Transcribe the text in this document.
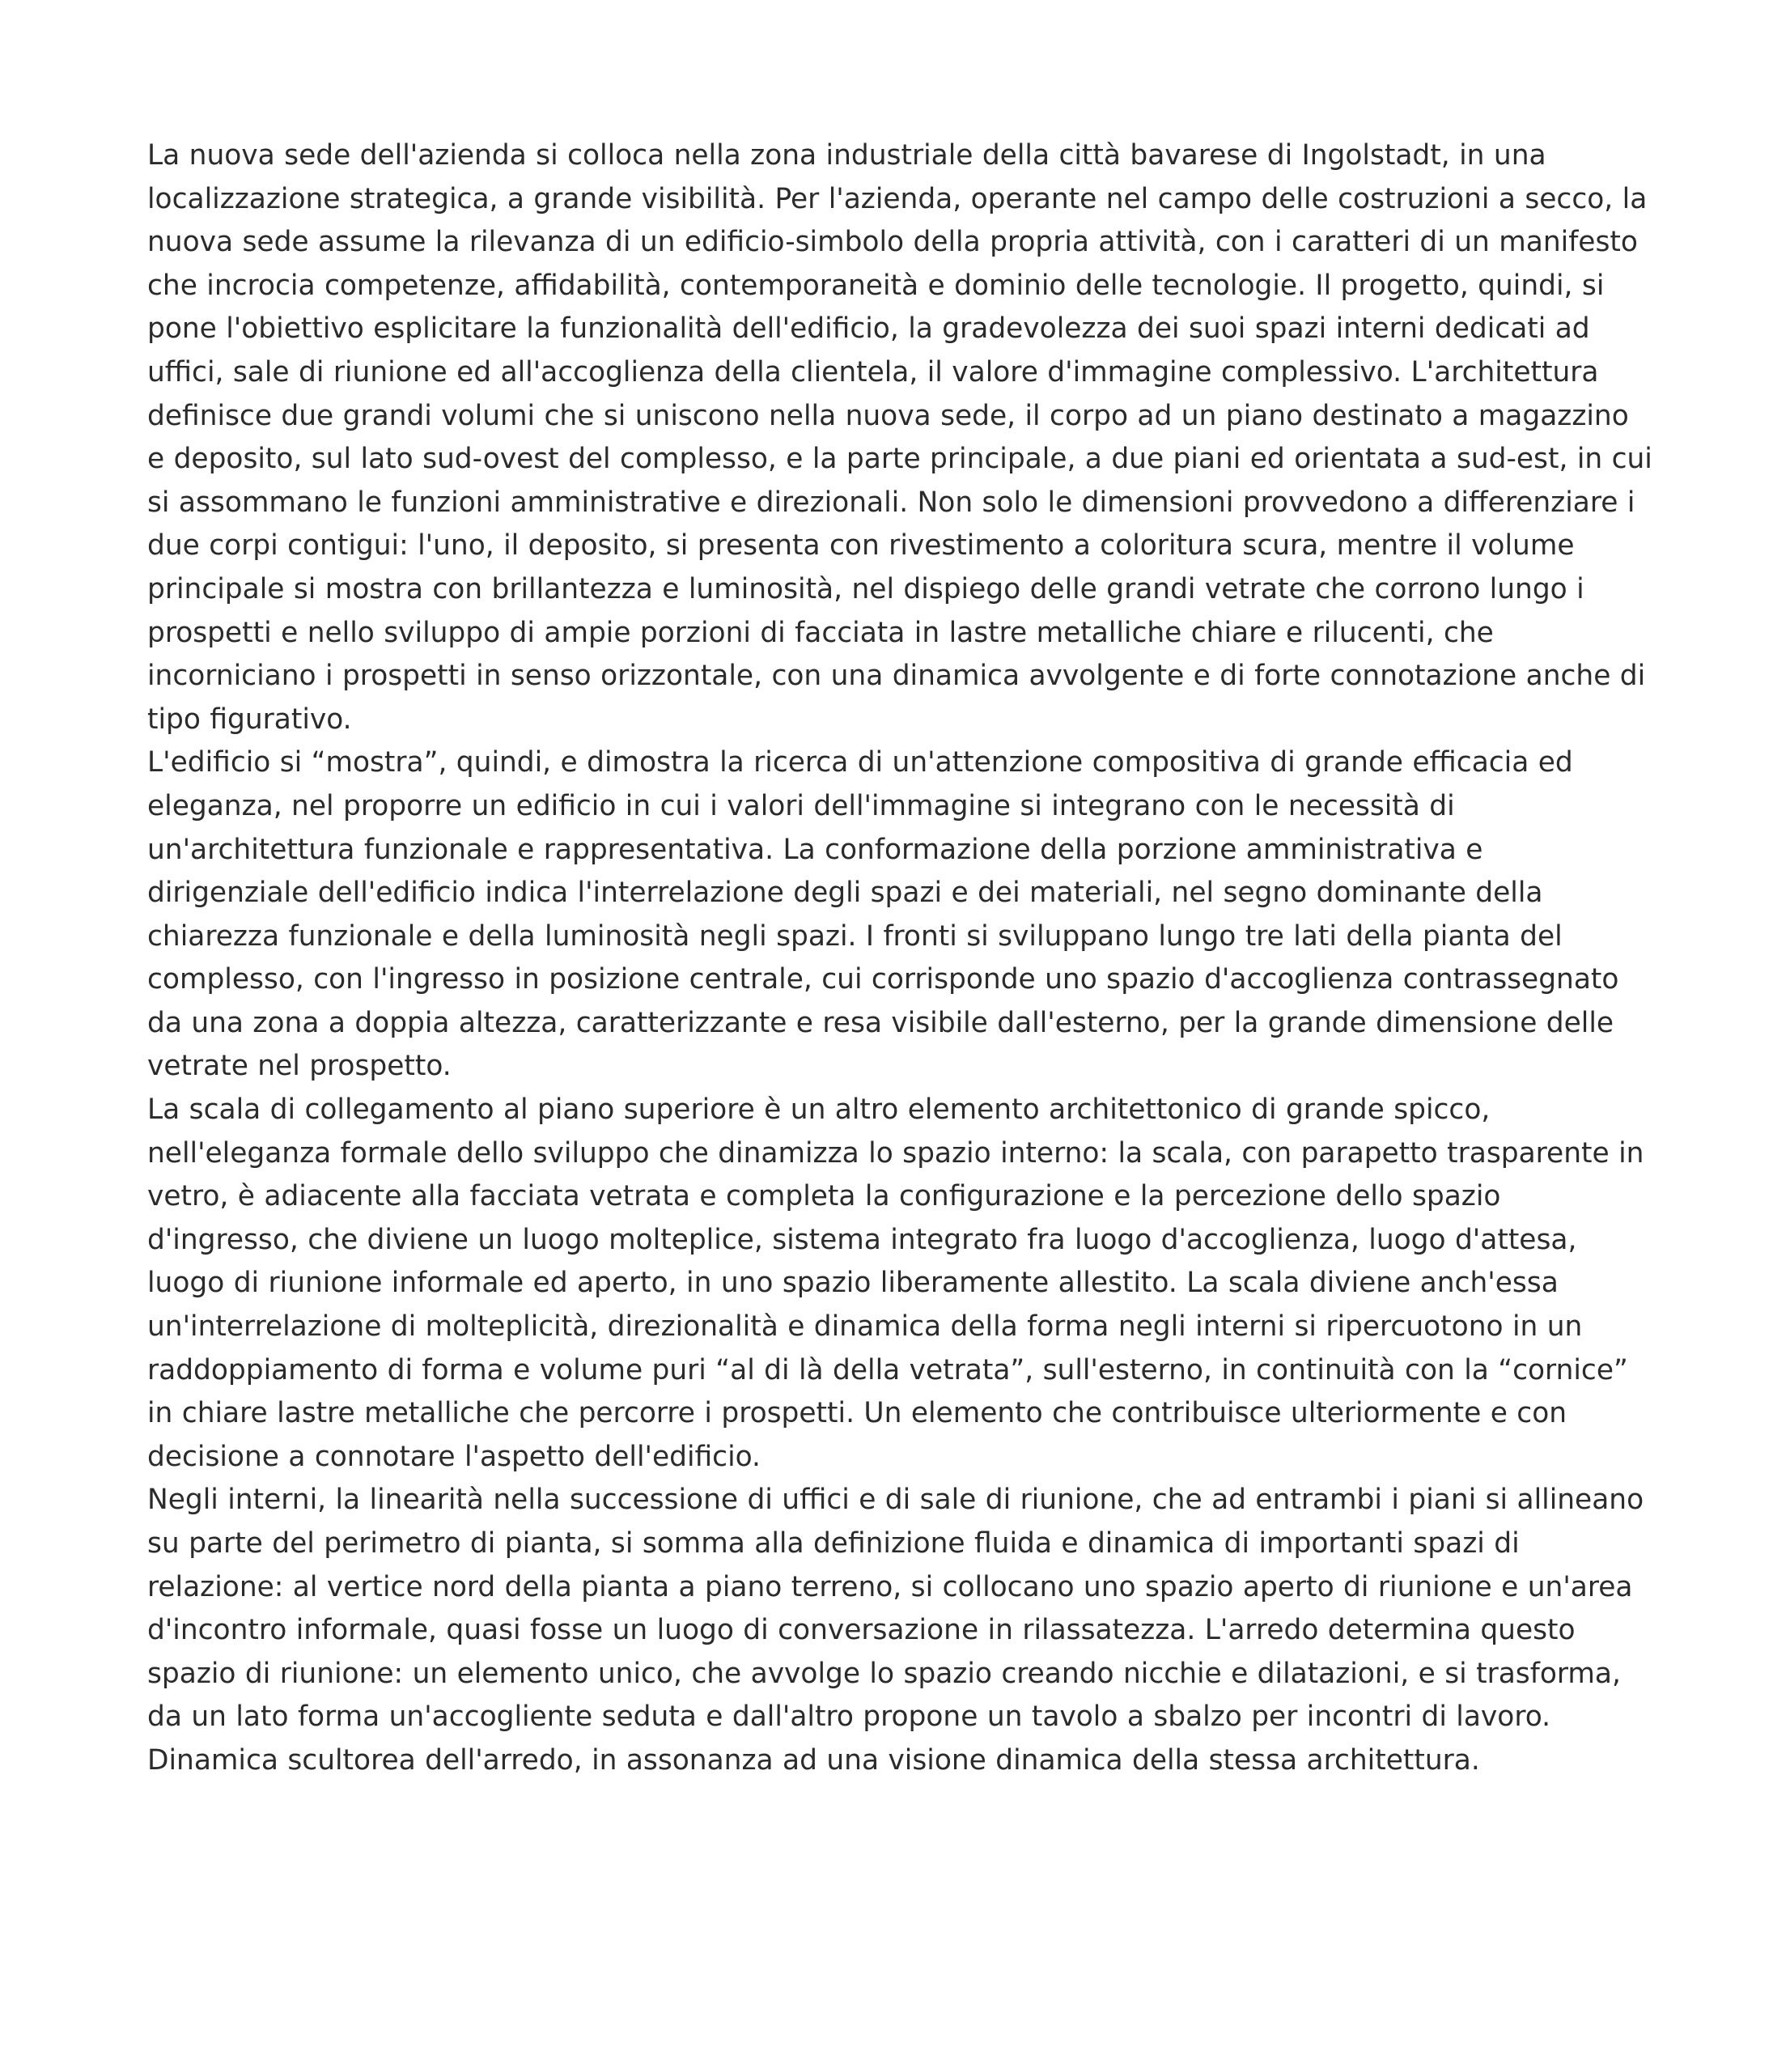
La nuova sede dell'azienda si colloca nella zona industriale della città bavarese di Ingolstadt, in una localizzazione strategica, a grande visibilità. Per l'azienda, operante nel campo delle costruzioni a secco, la nuova sede assume la rilevanza di un edificio-simbolo della propria attività, con i caratteri di un manifesto che incrocia competenze, affidabilità, contemporaneità e dominio delle tecnologie. Il progetto, quindi, si pone l'obiettivo esplicitare la funzionalità dell'edificio, la gradevolezza dei suoi spazi interni dedicati ad uffici, sale di riunione ed all'accoglienza della clientela, il valore d'immagine complessivo. L'architettura definisce due grandi volumi che si uniscono nella nuova sede, il corpo ad un piano destinato a magazzino e deposito, sul lato sud-ovest del complesso, e la parte principale, a due piani ed orientata a sud-est, in cui si assommano le funzioni amministrative e direzionali. Non solo le dimensioni provvedono a differenziare i due corpi contigui: l'uno, il deposito, si presenta con rivestimento a coloritura scura, mentre il volume principale si mostra con brillantezza e luminosità, nel dispiego delle grandi vetrate che corrono lungo i prospetti e nello sviluppo di ampie porzioni di facciata in lastre metalliche chiare e rilucenti, che incorniciano i prospetti in senso orizzontale, con una dinamica avvolgente e di forte connotazione anche di tipo figurativo.

L'edificio si “mostra”, quindi, e dimostra la ricerca di un'attenzione compositiva di grande efficacia ed eleganza, nel proporre un edificio in cui i valori dell'immagine si integrano con le necessità di un'architettura funzionale e rappresentativa. La conformazione della porzione amministrativa e dirigenziale dell'edificio indica l'interrelazione degli spazi e dei materiali, nel segno dominante della chiarezza funzionale e della luminosità negli spazi. I fronti si sviluppano lungo tre lati della pianta del complesso, con l'ingresso in posizione centrale, cui corrisponde uno spazio d'accoglienza contrassegnato da una zona a doppia altezza, caratterizzante e resa visibile dall'esterno, per la grande dimensione delle vetrate nel prospetto.

La scala di collegamento al piano superiore è un altro elemento architettonico di grande spicco, nell'eleganza formale dello sviluppo che dinamizza lo spazio interno: la scala, con parapetto trasparente in vetro, è adiacente alla facciata vetrata e completa la configurazione e la percezione dello spazio d'ingresso, che diviene un luogo molteplice, sistema integrato fra luogo d'accoglienza, luogo d'attesa, luogo di riunione informale ed aperto, in uno spazio liberamente allestito. La scala diviene anch'essa un'interrelazione di molteplicità, direzionalità e dinamica della forma negli interni si ripercuotono in un raddoppiamento di forma e volume puri “al di là della vetrata”, sull'esterno, in continuità con la “cornice” in chiare lastre metalliche che percorre i prospetti. Un elemento che contribuisce ulteriormente e con decisione a connotare l'aspetto dell'edificio.

Negli interni, la linearità nella successione di uffici e di sale di riunione, che ad entrambi i piani si allineano su parte del perimetro di pianta, si somma alla definizione fluida e dinamica di importanti spazi di relazione: al vertice nord della pianta a piano terreno, si collocano uno spazio aperto di riunione e un'area d'incontro informale, quasi fosse un luogo di conversazione in rilassatezza. L'arredo determina questo spazio di riunione: un elemento unico, che avvolge lo spazio creando nicchie e dilatazioni, e si trasforma, da un lato forma un'accogliente seduta e dall'altro propone un tavolo a sbalzo per incontri di lavoro. Dinamica scultorea dell'arredo, in assonanza ad una visione dinamica della stessa architettura.
